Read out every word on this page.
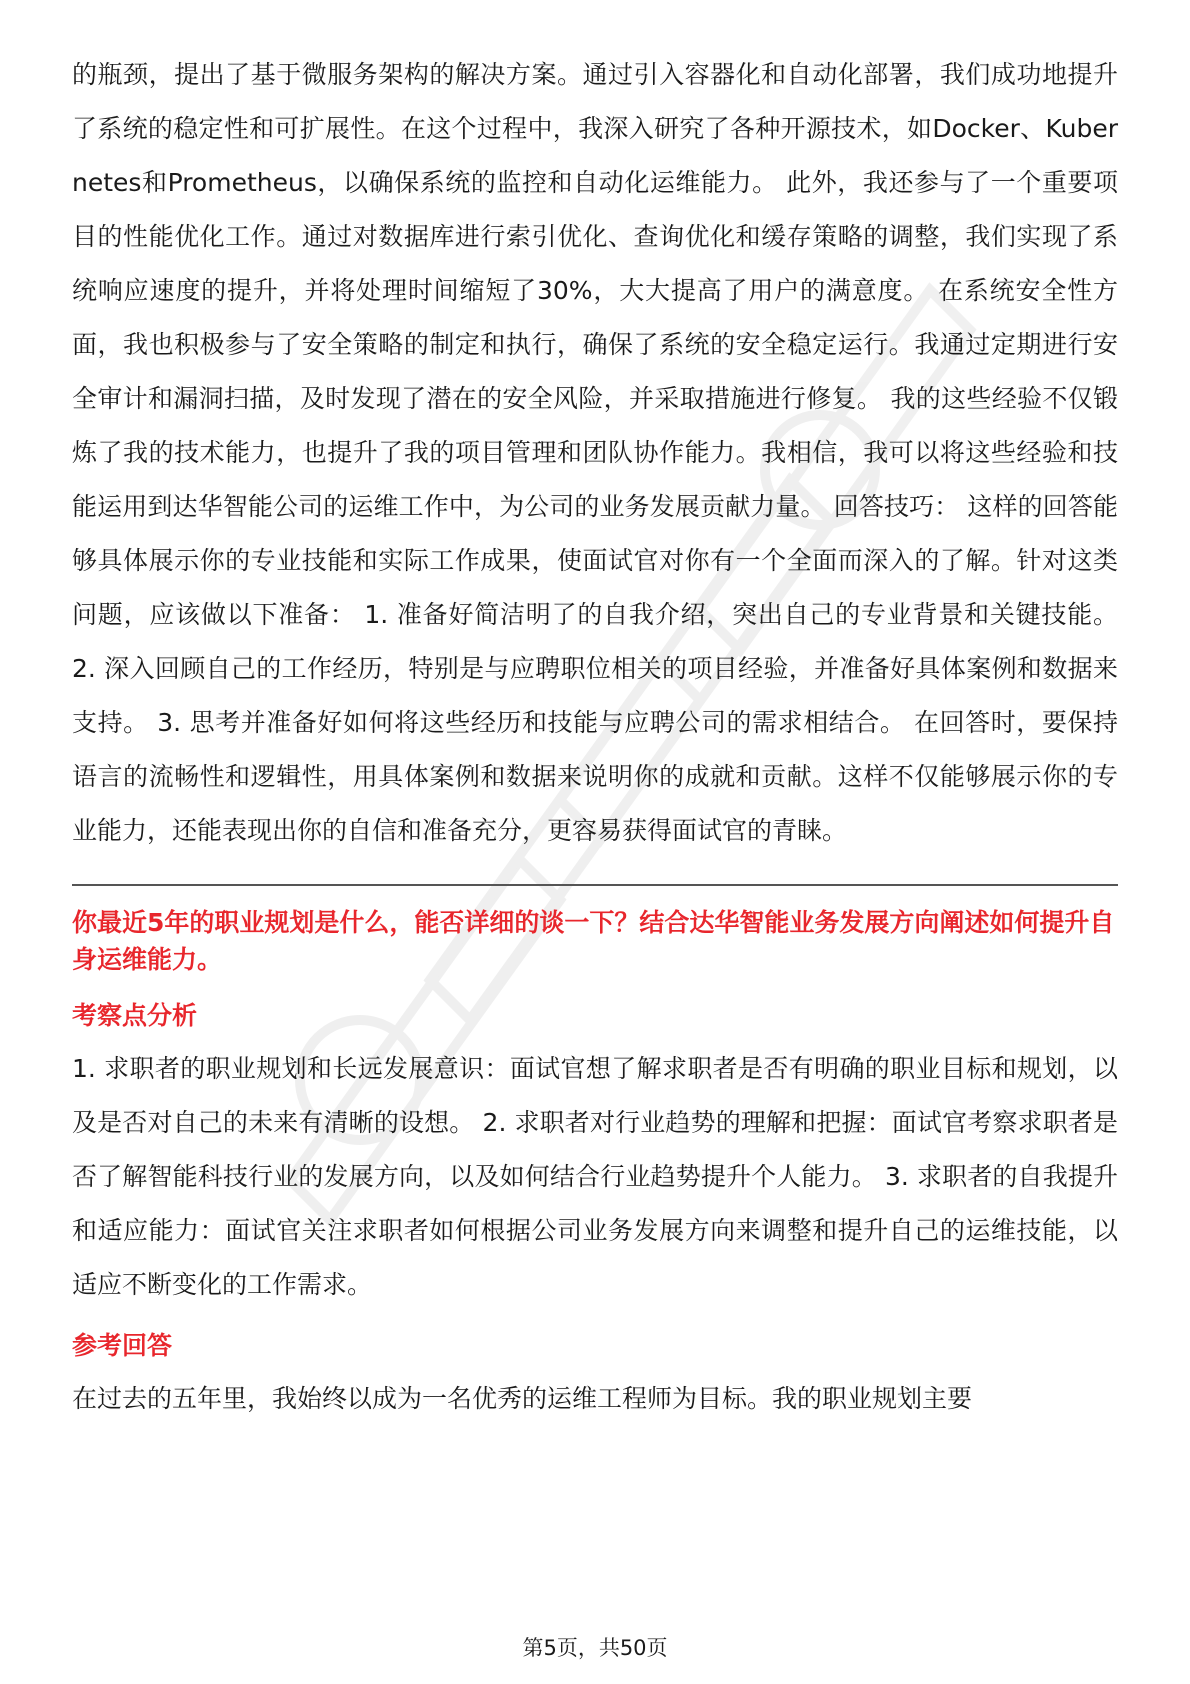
的瓶颈，提出了基于微服务架构的解决方案。通过引入容器化和自动化部署，我们成功地提升了系统的稳定性和可扩展性。在这个过程中，我深入研究了各种开源技术，如Docker、Kubernetes和Prometheus，以确保系统的监控和自动化运维能力。 此外，我还参与了一个重要项目的性能优化工作。通过对数据库进行索引优化、查询优化和缓存策略的调整，我们实现了系统响应速度的提升，并将处理时间缩短了30%，大大提高了用户的满意度。 在系统安全性方面，我也积极参与了安全策略的制定和执行，确保了系统的安全稳定运行。我通过定期进行安全审计和漏洞扫描，及时发现了潜在的安全风险，并采取措施进行修复。 我的这些经验不仅锻炼了我的技术能力，也提升了我的项目管理和团队协作能力。我相信，我可以将这些经验和技能运用到达华智能公司的运维工作中，为公司的业务发展贡献力量。 回答技巧： 这样的回答能够具体展示你的专业技能和实际工作成果，使面试官对你有一个全面而深入的了解。针对这类问题，应该做以下准备： 1. 准备好简洁明了的自我介绍，突出自己的专业背景和关键技能。 2. 深入回顾自己的工作经历，特别是与应聘职位相关的项目经验，并准备好具体案例和数据来支持。 3. 思考并准备好如何将这些经历和技能与应聘公司的需求相结合。 在回答时，要保持语言的流畅性和逻辑性，用具体案例和数据来说明你的成就和贡献。这样不仅能够展示你的专业能力，还能表现出你的自信和准备充分，更容易获得面试官的青睐。

你最近5年的职业规划是什么，能否详细的谈一下？结合达华智能业务发展方向阐述如何提升自身运维能力。

考察点分析

1. 求职者的职业规划和长远发展意识：面试官想了解求职者是否有明确的职业目标和规划，以及是否对自己的未来有清晰的设想。 2. 求职者对行业趋势的理解和把握：面试官考察求职者是否了解智能科技行业的发展方向，以及如何结合行业趋势提升个人能力。 3. 求职者的自我提升和适应能力：面试官关注求职者如何根据公司业务发展方向来调整和提升自己的运维技能，以适应不断变化的工作需求。

参考回答

在过去的五年里，我始终以成为一名优秀的运维工程师为目标。我的职业规划主要

第5页，共50页
